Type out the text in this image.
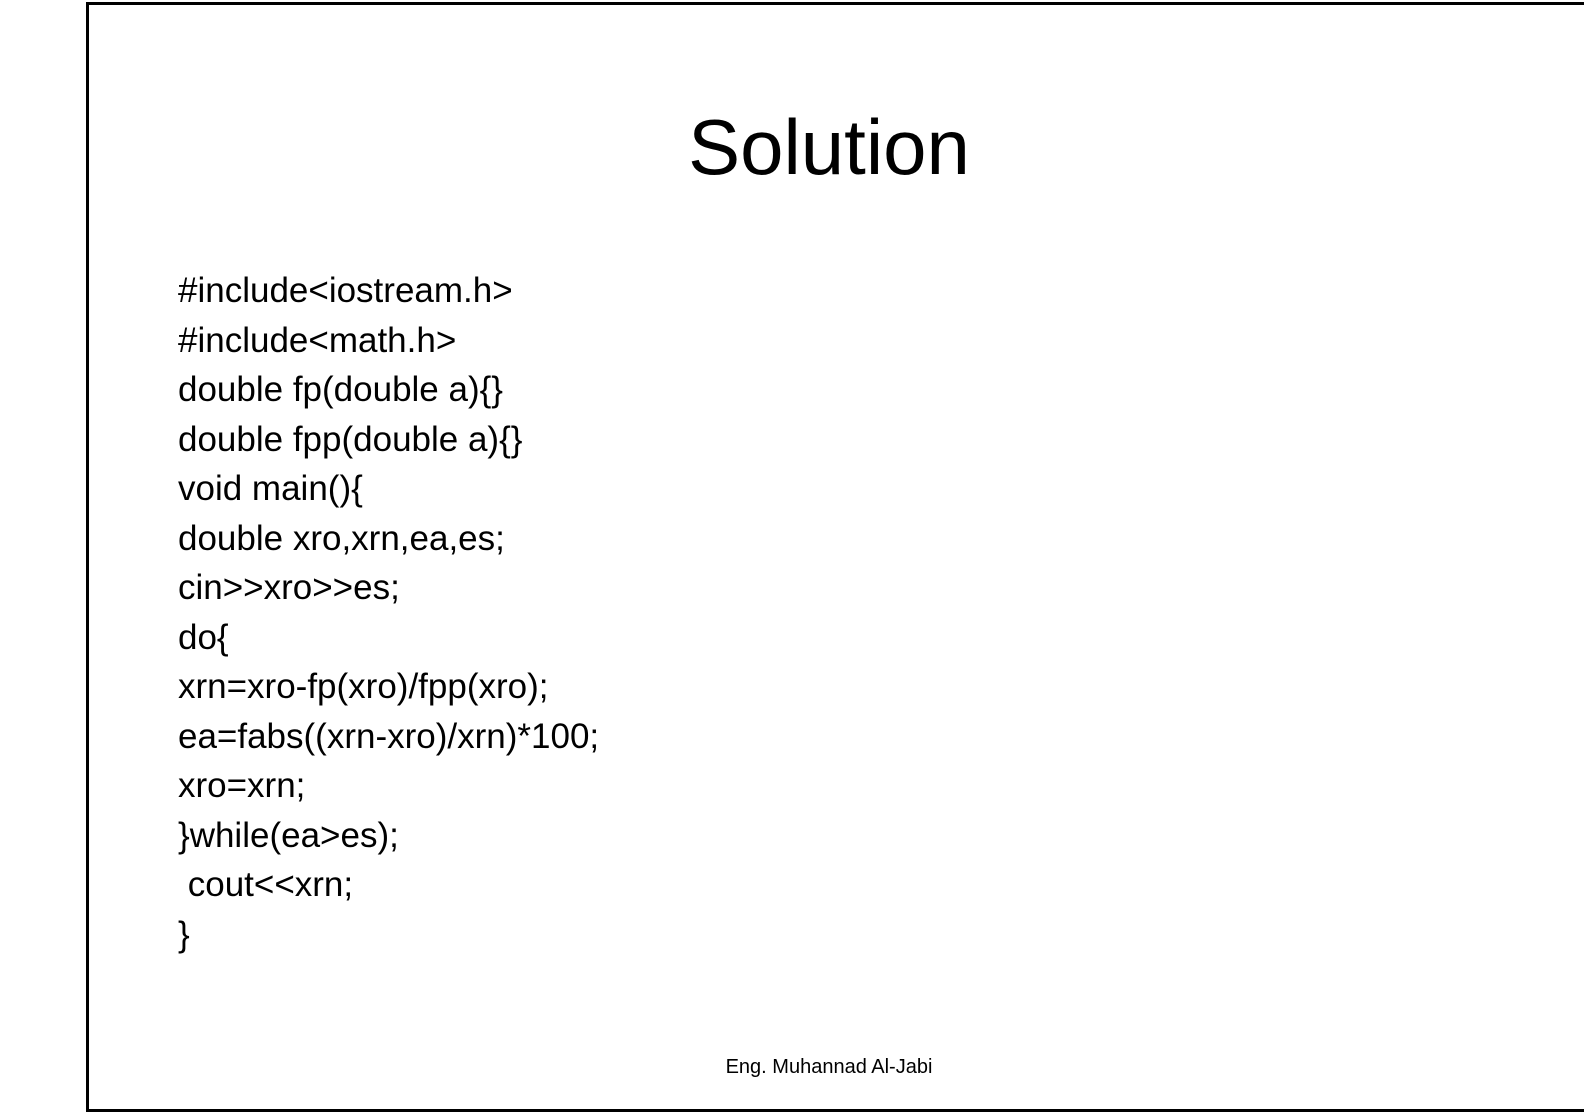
Solution
#include<iostream.h>
#include<math.h>
double fp(double a){}
double fpp(double a){}
void main(){
double xro,xrn,ea,es;
cin>>xro>>es;
do{
xrn=xro-fp(xro)/fpp(xro);
ea=fabs((xrn-xro)/xrn)*100;
xro=xrn;
}while(ea>es);
cout<<xrn;
}
Eng. Muhannad Al-Jabi
